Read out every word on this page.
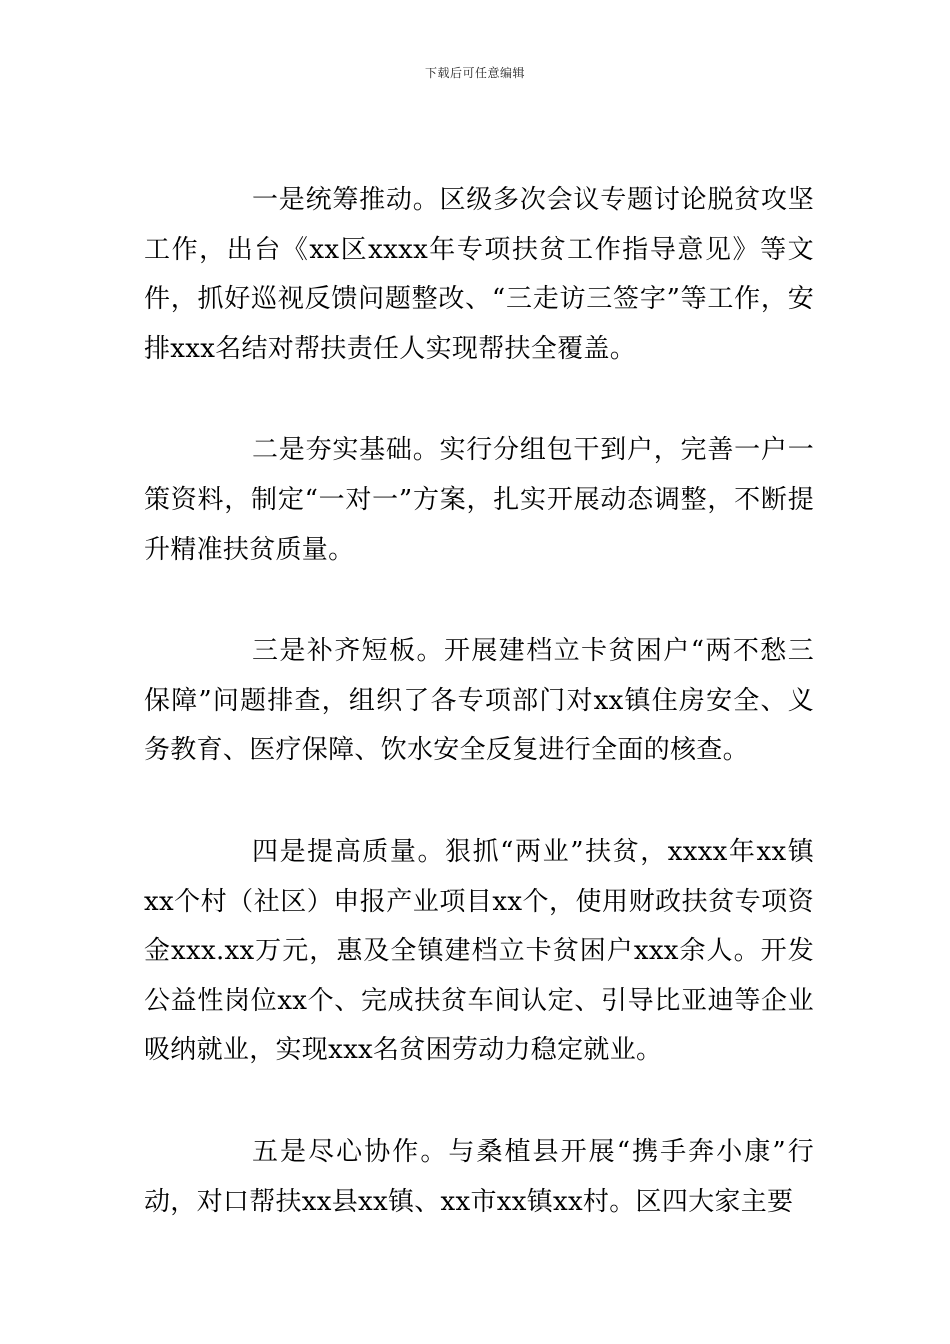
下载后可任意编辑

一是统筹推动。区级多次会议专题讨论脱贫攻坚工作，出台《xx区xxxx年专项扶贫工作指导意见》等文件，抓好巡视反馈问题整改、“三走访三签字”等工作，安排xxx名结对帮扶责任人实现帮扶全覆盖。

二是夯实基础。实行分组包干到户，完善一户一策资料，制定“一对一”方案，扎实开展动态调整，不断提升精准扶贫质量。

三是补齐短板。开展建档立卡贫困户“两不愁三保障”问题排查，组织了各专项部门对xx镇住房安全、义务教育、医疗保障、饮水安全反复进行全面的核查。

四是提高质量。狠抓“两业”扶贫，xxxx年xx镇xx个村（社区）申报产业项目xx个，使用财政扶贫专项资金xxx.xx万元，惠及全镇建档立卡贫困户xxx余人。开发公益性岗位xx个、完成扶贫车间认定、引导比亚迪等企业吸纳就业，实现xxx名贫困劳动力稳定就业。

五是尽心协作。与桑植县开展“携手奔小康”行动，对口帮扶xx县xx镇、xx市xx镇xx村。区四大家主要
